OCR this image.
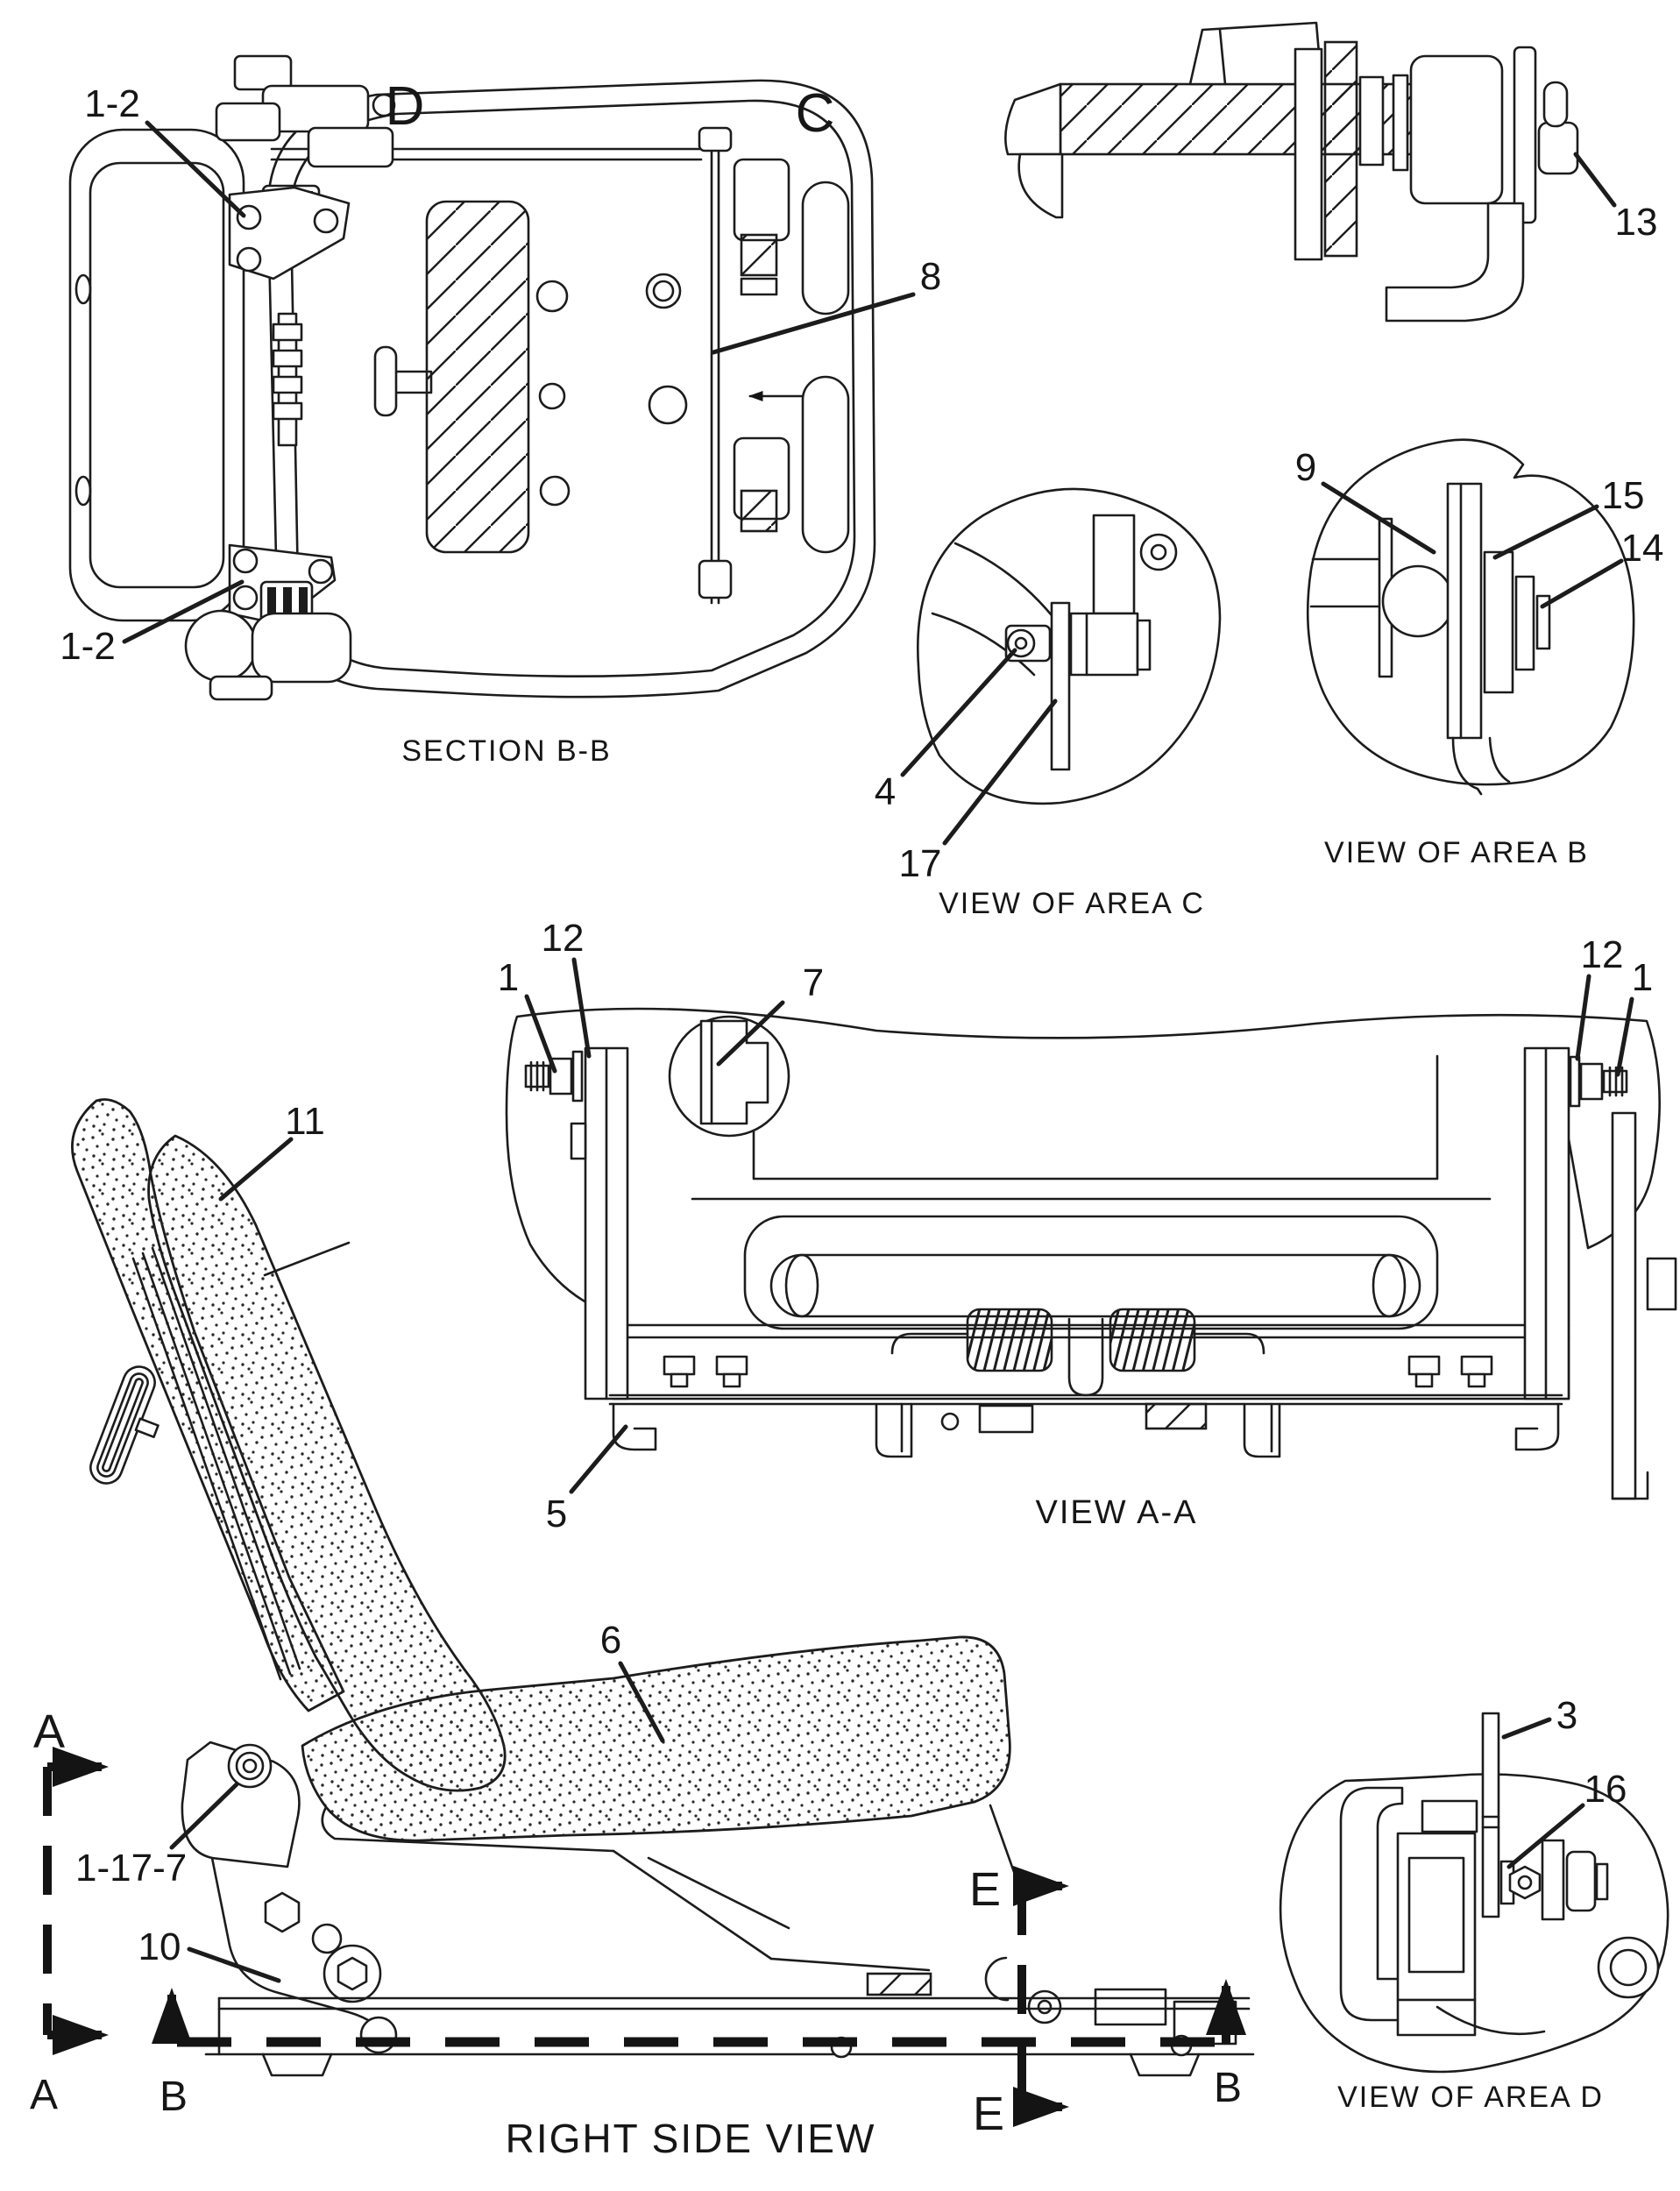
1-2
1-2
8
D	C
SECTION B-B
13
4
17
VIEW OF AREA C
9
15
14
VIEW OF AREA B
1
12
7
12
1
5	VIEW A-A
A
A B	B
E
E
11
6
1-17-7
10
RIGHT SIDE VIEW
3
16
VIEW OF AREA D
